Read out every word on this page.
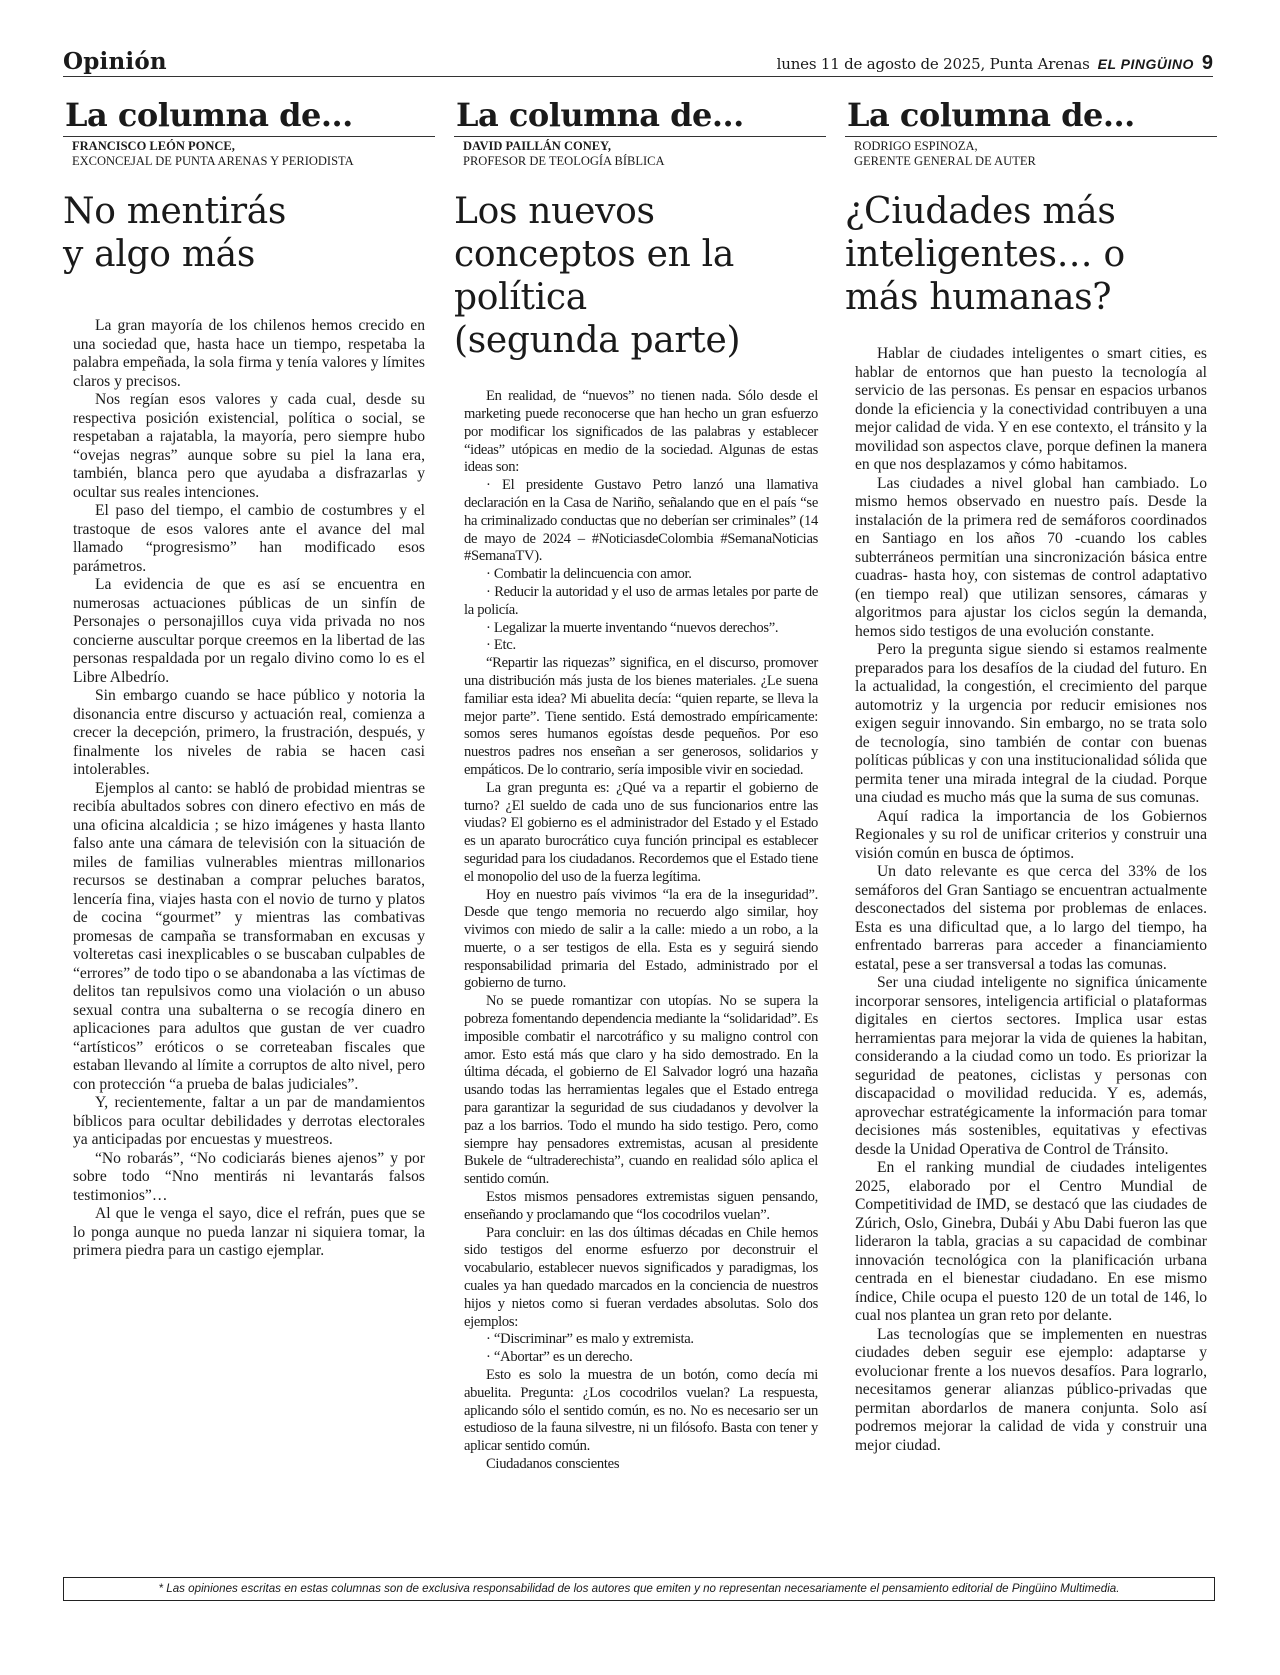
Opinión	lunes 11 de agosto de 2025, Punta Arenas EL PINGÜINO 9
La columna de...
FRANCISCO LEÓN PONCE,
EXCONCEJAL DE PUNTA ARENAS Y PERIODISTA
No mentirás y algo más

La gran mayoría de los chilenos hemos crecido en una sociedad que, hasta hace un tiempo, respetaba la palabra empeñada, la sola firma y tenía valores y límites claros y precisos.

Nos regían esos valores y cada cual, desde su respectiva posición existencial, política o social, se respetaban a rajatabla, la mayoría, pero siempre hubo “ovejas negras” aunque sobre su piel la lana era, también, blanca pero que ayudaba a disfrazarlas y ocultar sus reales intenciones.

El paso del tiempo, el cambio de costumbres y el trastoque de esos valores ante el avance del mal llamado “progresismo” han modificado esos parámetros.

La evidencia de que es así se encuentra en numerosas actuaciones públicas de un sinfín de Personajes o personajillos cuya vida privada no nos concierne auscultar porque creemos en la libertad de las personas respaldada por un regalo divino como lo es el Libre Albedrío.

Sin embargo cuando se hace público y notoria la disonancia entre discurso y actuación real, comienza a crecer la decepción, primero, la frustración, después, y finalmente los niveles de rabia se hacen casi intolerables.

Ejemplos al canto: se habló de probidad mientras se recibía abultados sobres con dinero efectivo en más de una oficina alcaldicia ; se hizo imágenes y hasta llanto falso ante una cámara de televisión con la situación de miles de familias vulnerables mientras millonarios recursos se destinaban a comprar peluches baratos, lencería fina, viajes hasta con el novio de turno y platos de cocina “gourmet” y mientras las combativas promesas de campaña se transformaban en excusas y volteretas casi inexplicables o se buscaban culpables de “errores” de todo tipo o se abandonaba a las víctimas de delitos tan repulsivos como una violación o un abuso sexual contra una subalterna o se recogía dinero en aplicaciones para adultos que gustan de ver cuadro “artísticos” eróticos o se correteaban fiscales que estaban llevando al límite a corruptos de alto nivel, pero con protección “a prueba de balas judiciales”.

Y, recientemente, faltar a un par de mandamientos bíblicos para ocultar debilidades y derrotas electorales ya anticipadas por encuestas y muestreos.

“No robarás”, “No codiciarás bienes ajenos” y por sobre todo “Nno mentirás ni levantarás falsos testimonios”…

Al que le venga el sayo, dice el refrán, pues que se lo ponga aunque no pueda lanzar ni siquiera tomar, la primera piedra para un castigo ejemplar.

La columna de...
DAVID PAILLÁN CONEY,
PROFESOR DE TEOLOGÍA BÍBLICA
Los nuevos conceptos en la política (segunda parte)

En realidad, de “nuevos” no tienen nada. Sólo desde el marketing puede reconocerse que han hecho un gran esfuerzo por modificar los significados de las palabras y establecer “ideas” utópicas en medio de la sociedad. Algunas de estas ideas son:

· El presidente Gustavo Petro lanzó una llamativa declaración en la Casa de Nariño, señalando que en el país “se ha criminalizado conductas que no deberían ser criminales” (14 de mayo de 2024 – #NoticiasdeColombia #SemanaNoticias #SemanaTV).

· Combatir la delincuencia con amor.

· Reducir la autoridad y el uso de armas letales por parte de la policía.

· Legalizar la muerte inventando “nuevos derechos”.

· Etc.

“Repartir las riquezas” significa, en el discurso, promover una distribución más justa de los bienes materiales. ¿Le suena familiar esta idea? Mi abuelita decía: “quien reparte, se lleva la mejor parte”. Tiene sentido. Está demostrado empíricamente: somos seres humanos egoístas desde pequeños. Por eso nuestros padres nos enseñan a ser generosos, solidarios y empáticos. De lo contrario, sería imposible vivir en sociedad.

La gran pregunta es: ¿Qué va a repartir el gobierno de turno? ¿El sueldo de cada uno de sus funcionarios entre las viudas? El gobierno es el administrador del Estado y el Estado es un aparato burocrático cuya función principal es establecer seguridad para los ciudadanos. Recordemos que el Estado tiene el monopolio del uso de la fuerza legítima.

Hoy en nuestro país vivimos “la era de la inseguridad”. Desde que tengo memoria no recuerdo algo similar, hoy vivimos con miedo de salir a la calle: miedo a un robo, a la muerte, o a ser testigos de ella. Esta es y seguirá siendo responsabilidad primaria del Estado, administrado por el gobierno de turno.

No se puede romantizar con utopías. No se supera la pobreza fomentando dependencia mediante la “solidaridad”. Es imposible combatir el narcotráfico y su maligno control con amor. Esto está más que claro y ha sido demostrado. En la última década, el gobierno de El Salvador logró una hazaña usando todas las herramientas legales que el Estado entrega para garantizar la seguridad de sus ciudadanos y devolver la paz a los barrios. Todo el mundo ha sido testigo. Pero, como siempre hay pensadores extremistas, acusan al presidente Bukele de “ultraderechista”, cuando en realidad sólo aplica el sentido común.

Estos mismos pensadores extremistas siguen pensando, enseñando y proclamando que “los cocodrilos vuelan”.

Para concluir: en las dos últimas décadas en Chile hemos sido testigos del enorme esfuerzo por deconstruir el vocabulario, establecer nuevos significados y paradigmas, los cuales ya han quedado marcados en la conciencia de nuestros hijos y nietos como si fueran verdades absolutas. Solo dos ejemplos:

· “Discriminar” es malo y extremista.

· “Abortar” es un derecho.

Esto es solo la muestra de un botón, como decía mi abuelita. Pregunta: ¿Los cocodrilos vuelan? La respuesta, aplicando sólo el sentido común, es no. No es necesario ser un estudioso de la fauna silvestre, ni un filósofo. Basta con tener y aplicar sentido común.

Ciudadanos conscientes

La columna de...
RODRIGO ESPINOZA,
GERENTE GENERAL DE AUTER
¿Ciudades más inteligentes… o más humanas?

Hablar de ciudades inteligentes o smart cities, es hablar de entornos que han puesto la tecnología al servicio de las personas. Es pensar en espacios urbanos donde la eficiencia y la conectividad contribuyen a una mejor calidad de vida. Y en ese contexto, el tránsito y la movilidad son aspectos clave, porque definen la manera en que nos desplazamos y cómo habitamos.

Las ciudades a nivel global han cambiado. Lo mismo hemos observado en nuestro país. Desde la instalación de la primera red de semáforos coordinados en Santiago en los años 70 -cuando los cables subterráneos permitían una sincronización básica entre cuadras- hasta hoy, con sistemas de control adaptativo (en tiempo real) que utilizan sensores, cámaras y algoritmos para ajustar los ciclos según la demanda, hemos sido testigos de una evolución constante.

Pero la pregunta sigue siendo si estamos realmente preparados para los desafíos de la ciudad del futuro. En la actualidad, la congestión, el crecimiento del parque automotriz y la urgencia por reducir emisiones nos exigen seguir innovando. Sin embargo, no se trata solo de tecnología, sino también de contar con buenas políticas públicas y con una institucionalidad sólida que permita tener una mirada integral de la ciudad. Porque una ciudad es mucho más que la suma de sus comunas.

Aquí radica la importancia de los Gobiernos Regionales y su rol de unificar criterios y construir una visión común en busca de óptimos.

Un dato relevante es que cerca del 33% de los semáforos del Gran Santiago se encuentran actualmente desconectados del sistema por problemas de enlaces. Esta es una dificultad que, a lo largo del tiempo, ha enfrentado barreras para acceder a financiamiento estatal, pese a ser transversal a todas las comunas.

Ser una ciudad inteligente no significa únicamente incorporar sensores, inteligencia artificial o plataformas digitales en ciertos sectores. Implica usar estas herramientas para mejorar la vida de quienes la habitan, considerando a la ciudad como un todo. Es priorizar la seguridad de peatones, ciclistas y personas con discapacidad o movilidad reducida. Y es, además, aprovechar estratégicamente la información para tomar decisiones más sostenibles, equitativas y efectivas desde la Unidad Operativa de Control de Tránsito.

En el ranking mundial de ciudades inteligentes 2025, elaborado por el Centro Mundial de Competitividad de IMD, se destacó que las ciudades de Zúrich, Oslo, Ginebra, Dubái y Abu Dabi fueron las que lideraron la tabla, gracias a su capacidad de combinar innovación tecnológica con la planificación urbana centrada en el bienestar ciudadano. En ese mismo índice, Chile ocupa el puesto 120 de un total de 146, lo cual nos plantea un gran reto por delante.

Las tecnologías que se implementen en nuestras ciudades deben seguir ese ejemplo: adaptarse y evolucionar frente a los nuevos desafíos. Para lograrlo, necesitamos generar alianzas público-privadas que permitan abordarlos de manera conjunta. Solo así podremos mejorar la calidad de vida y construir una mejor ciudad.

* Las opiniones escritas en estas columnas son de exclusiva responsabilidad de los autores que emiten y no representan necesariamente el pensamiento editorial de Pingüino Multimedia.
